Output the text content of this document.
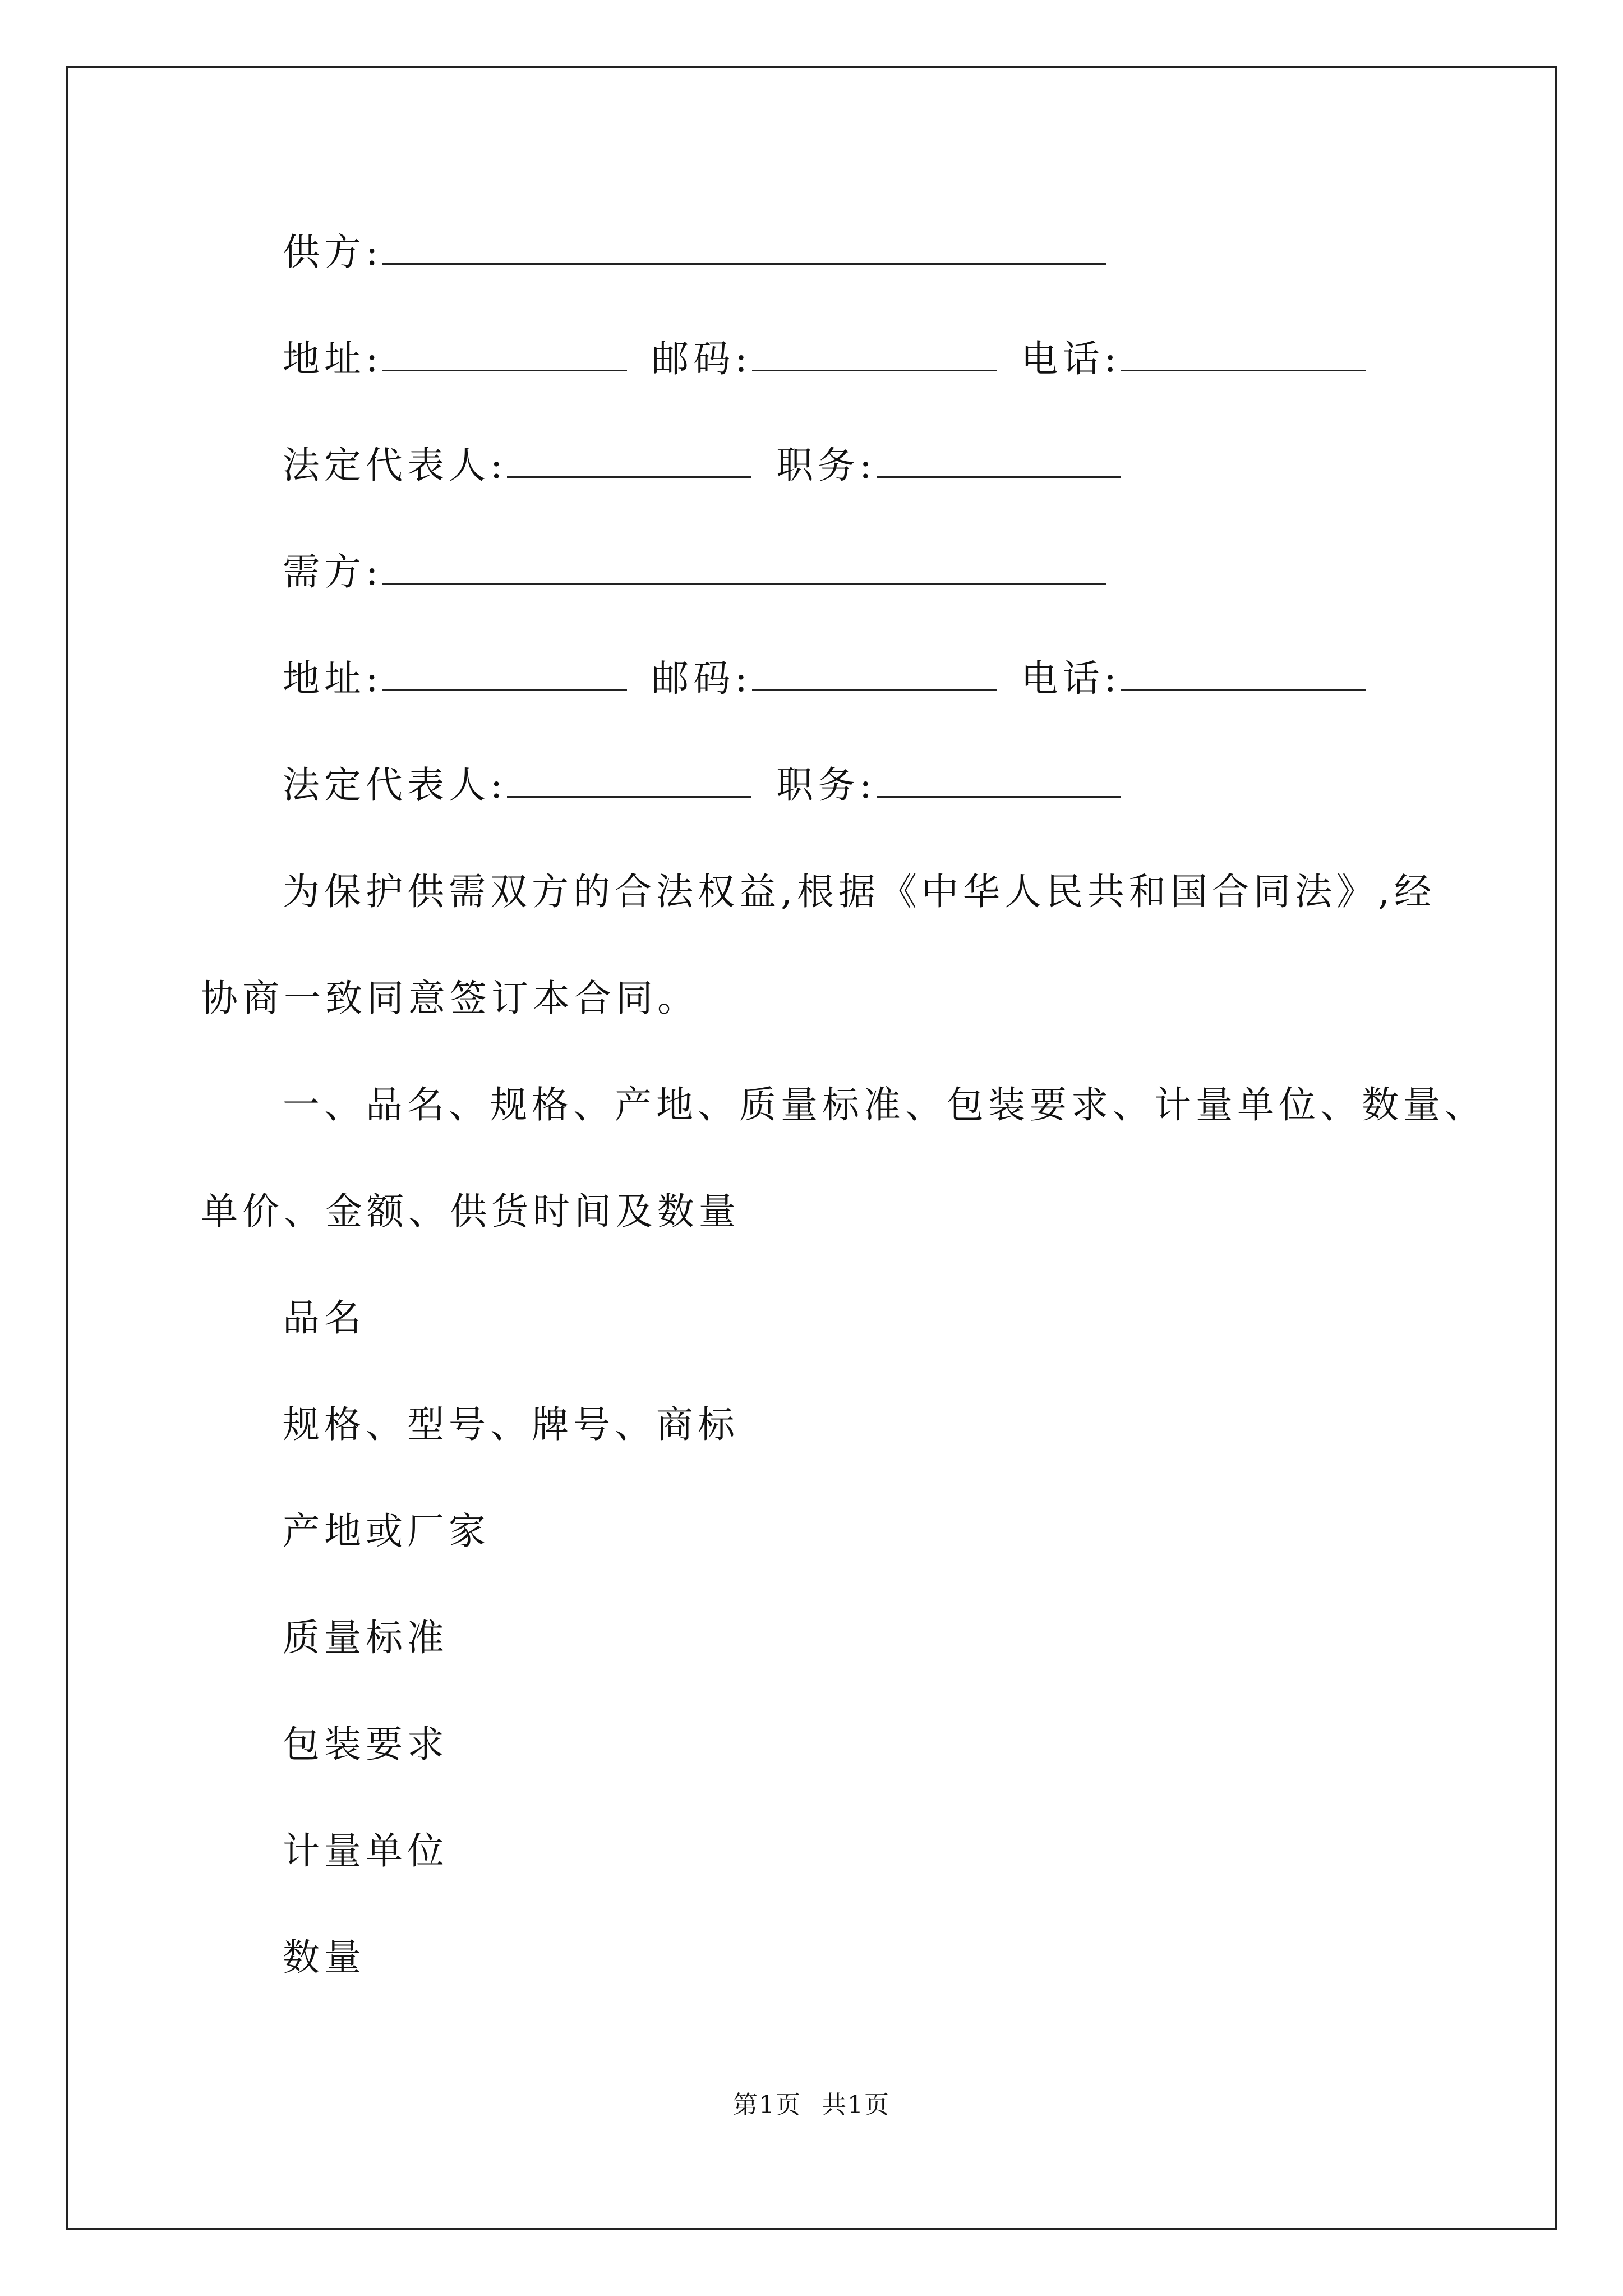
供方:
地址:	邮码:	电话:
法定代表人:	职务:
需方:
地址:	邮码:	电话:
法定代表人:	职务:
为保护供需双方的合法权益,根据《中华人民共和国合同法》,经
协商一致同意签订本合同。
一、品名、规格、产地、质量标准、包装要求、计量单位、数量、
单价、金额、供货时间及数量
品名
规格、型号、牌号、商标
产地或厂家
质量标准
包装要求
计量单位
数量
第1页 共1页
